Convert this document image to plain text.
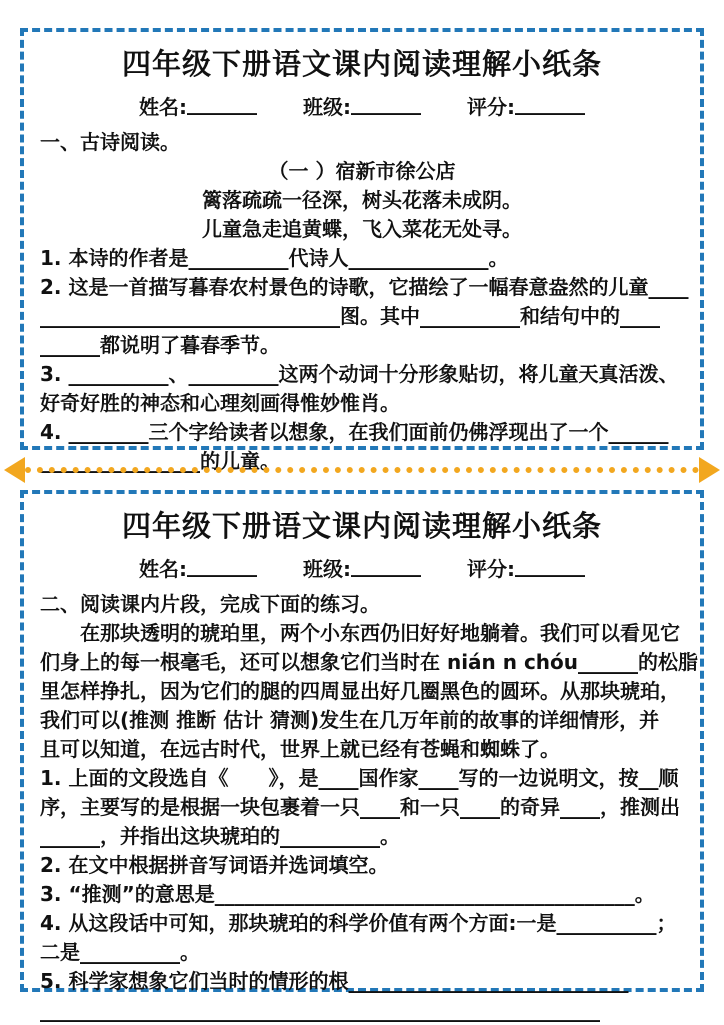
四年级下册语文课内阅读理解小纸条
姓名: _______ 班级: _______ 评分: _______
一、古诗阅读。
（一 ）宿新市徐公店
篱落疏疏一径深，树头花落未成阴。
儿童急走追黄蝶，飞入菜花无处寻。
1. 本诗的作者是__________代诗人______________。
2. 这是一首描写暮春农村景色的诗歌，它描绘了一幅春意盎然的儿童____
______________________________图。其中__________和结句中的____
______都说明了暮春季节。
3. __________、_________这两个动词十分形象贴切，将儿童天真活泼、
好奇好胜的神态和心理刻画得惟妙惟肖。
4. ________三个字给读者以想象，在我们面前仍佛浮现出了一个______
________________的儿童。
四年级下册语文课内阅读理解小纸条
姓名: _______ 班级: _______ 评分: _______
二、阅读课内片段，完成下面的练习。
　　在那块透明的琥珀里，两个小东西仍旧好好地躺着。我们可以看见它
们身上的每一根毫毛，还可以想象它们当时在 nián n chóu______的松脂
里怎样挣扎，因为它们的腿的四周显出好几圈黑色的圆环。从那块琥珀，
我们可以(推测 推断 估计 猜测)发生在几万年前的故事的详细情形，并
且可以知道，在远古时代，世界上就已经有苍蝇和蜘蛛了。
1. 上面的文段选自《　　》，是____国作家____写的一边说明文，按__顺
序，主要写的是根据一块包裹着一只____和一只____的奇异____，推测出
______，并指出这块琥珀的__________。
2. 在文中根据拼音写词语并选词填空。
3. “推测”的意思是__________________________________________。
4. 从这段话中可知，那块琥珀的科学价值有两个方面:一是__________；
二是__________。
5. 科学家想象它们当时的情形的根____________________________
________________________________________________________
